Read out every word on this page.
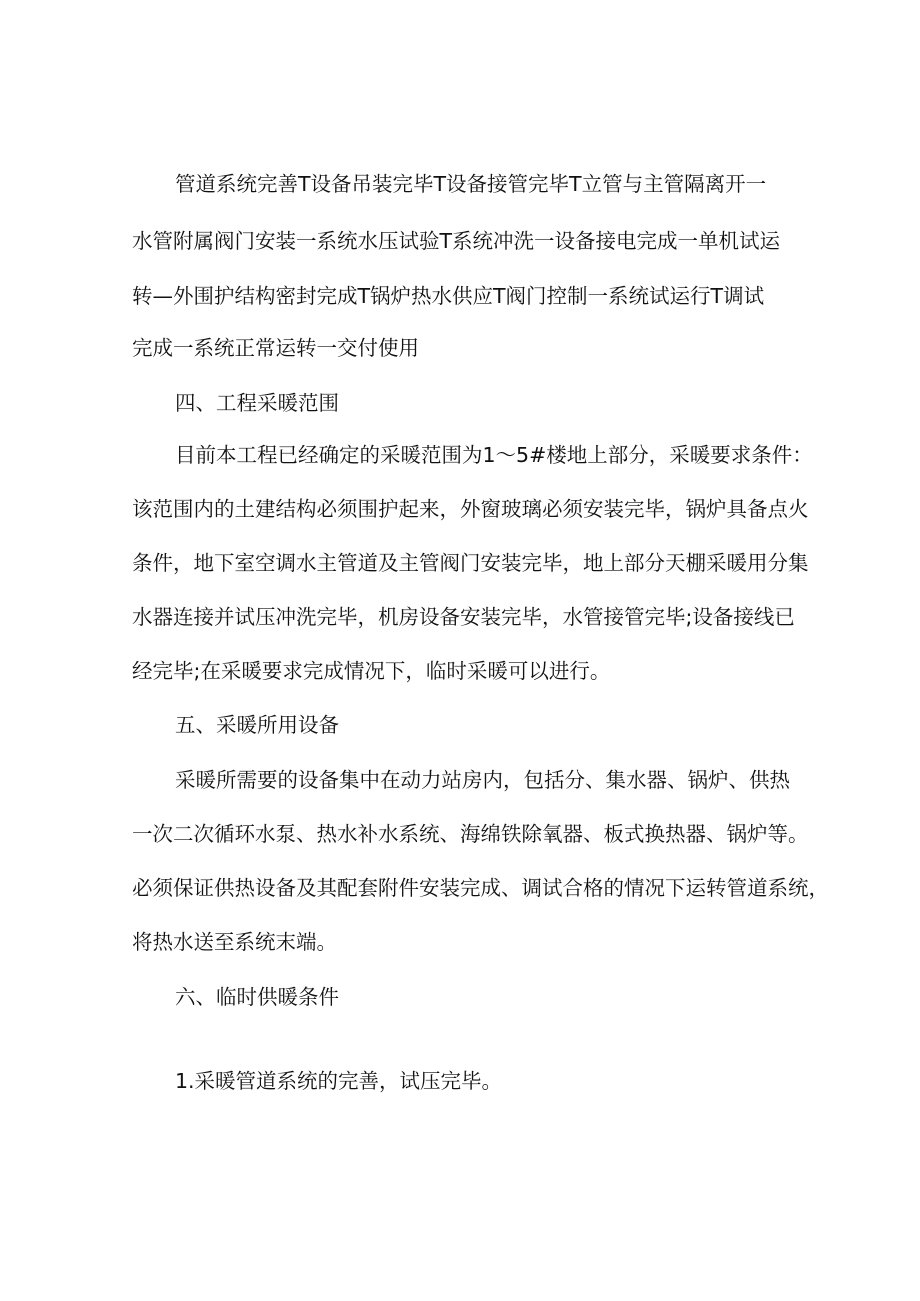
管道系统完善T设备吊装完毕T设备接管完毕T立管与主管隔离开一
水管附属阀门安装一系统水压试验T系统冲洗一设备接电完成一单机试运
转—外围护结构密封完成T锅炉热水供应T阀门控制一系统试运行T调试
完成一系统正常运转一交付使用
四、工程采暖范围
目前本工程已经确定的采暖范围为1〜5#楼地上部分，采暖要求条件：
该范围内的土建结构必须围护起来，外窗玻璃必须安装完毕，锅炉具备点火
条件，地下室空调水主管道及主管阀门安装完毕，地上部分天棚采暖用分集
水器连接并试压冲洗完毕，机房设备安装完毕，水管接管完毕;设备接线已
经完毕;在采暖要求完成情况下，临时采暖可以进行。
五、采暖所用设备
采暖所需要的设备集中在动力站房内，包括分、集水器、锅炉、供热
一次二次循环水泵、热水补水系统、海绵铁除氧器、板式换热器、锅炉等。
必须保证供热设备及其配套附件安装完成、调试合格的情况下运转管道系统，
将热水送至系统末端。
六、临时供暖条件
1.采暖管道系统的完善，试压完毕。
